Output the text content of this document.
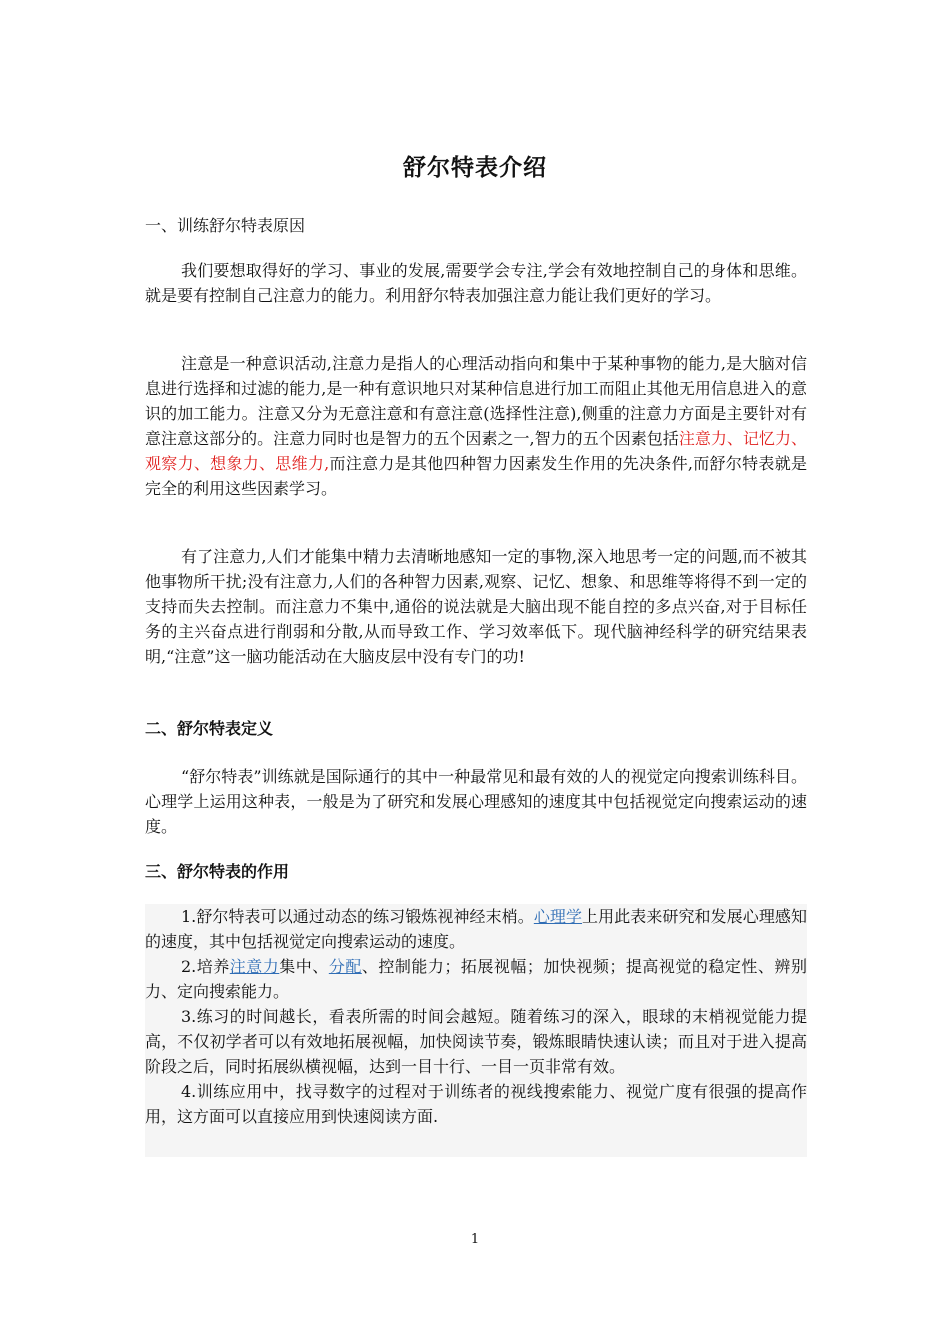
舒尔特表介绍
一、训练舒尔特表原因

我们要想取得好的学习、事业的发展,需要学会专注,学会有效地控制自己的身体和思维。就是要有控制自己注意力的能力。利用舒尔特表加强注意力能让我们更好的学习。

注意是一种意识活动,注意力是指人的心理活动指向和集中于某种事物的能力,是大脑对信息进行选择和过滤的能力,是一种有意识地只对某种信息进行加工而阻止其他无用信息进入的意识的加工能力。注意又分为无意注意和有意注意(选择性注意),侧重的注意力方面是主要针对有意注意这部分的。注意力同时也是智力的五个因素之一,智力的五个因素包括注意力、记忆力、观察力、想象力、思维力,而注意力是其他四种智力因素发生作用的先决条件,而舒尔特表就是完全的利用这些因素学习。

有了注意力,人们才能集中精力去清晰地感知一定的事物,深入地思考一定的问题,而不被其他事物所干扰;没有注意力,人们的各种智力因素,观察、记忆、想象、和思维等将得不到一定的支持而失去控制。而注意力不集中,通俗的说法就是大脑出现不能自控的多点兴奋,对于目标任务的主兴奋点进行削弱和分散,从而导致工作、学习效率低下。现代脑神经科学的研究结果表明,“注意”这一脑功能活动在大脑皮层中没有专门的功!

二、舒尔特表定义

“舒尔特表”训练就是国际通行的其中一种最常见和最有效的人的视觉定向搜索训练科目。心理学上运用这种表，一般是为了研究和发展心理感知的速度其中包括视觉定向搜索运动的速度。

三、舒尔特表的作用
1.舒尔特表可以通过动态的练习锻炼视神经末梢。心理学上用此表来研究和发展心理感知的速度，其中包括视觉定向搜索运动的速度。
2.培养注意力集中、分配、控制能力；拓展视幅；加快视频；提高视觉的稳定性、辨别力、定向搜索能力。
3.练习的时间越长，看表所需的时间会越短。随着练习的深入，眼球的末梢视觉能力提高，不仅初学者可以有效地拓展视幅，加快阅读节奏，锻炼眼睛快速认读；而且对于进入提高阶段之后，同时拓展纵横视幅，达到一目十行、一目一页非常有效。
4.训练应用中，找寻数字的过程对于训练者的视线搜索能力、视觉广度有很强的提高作用，这方面可以直接应用到快速阅读方面.
1
